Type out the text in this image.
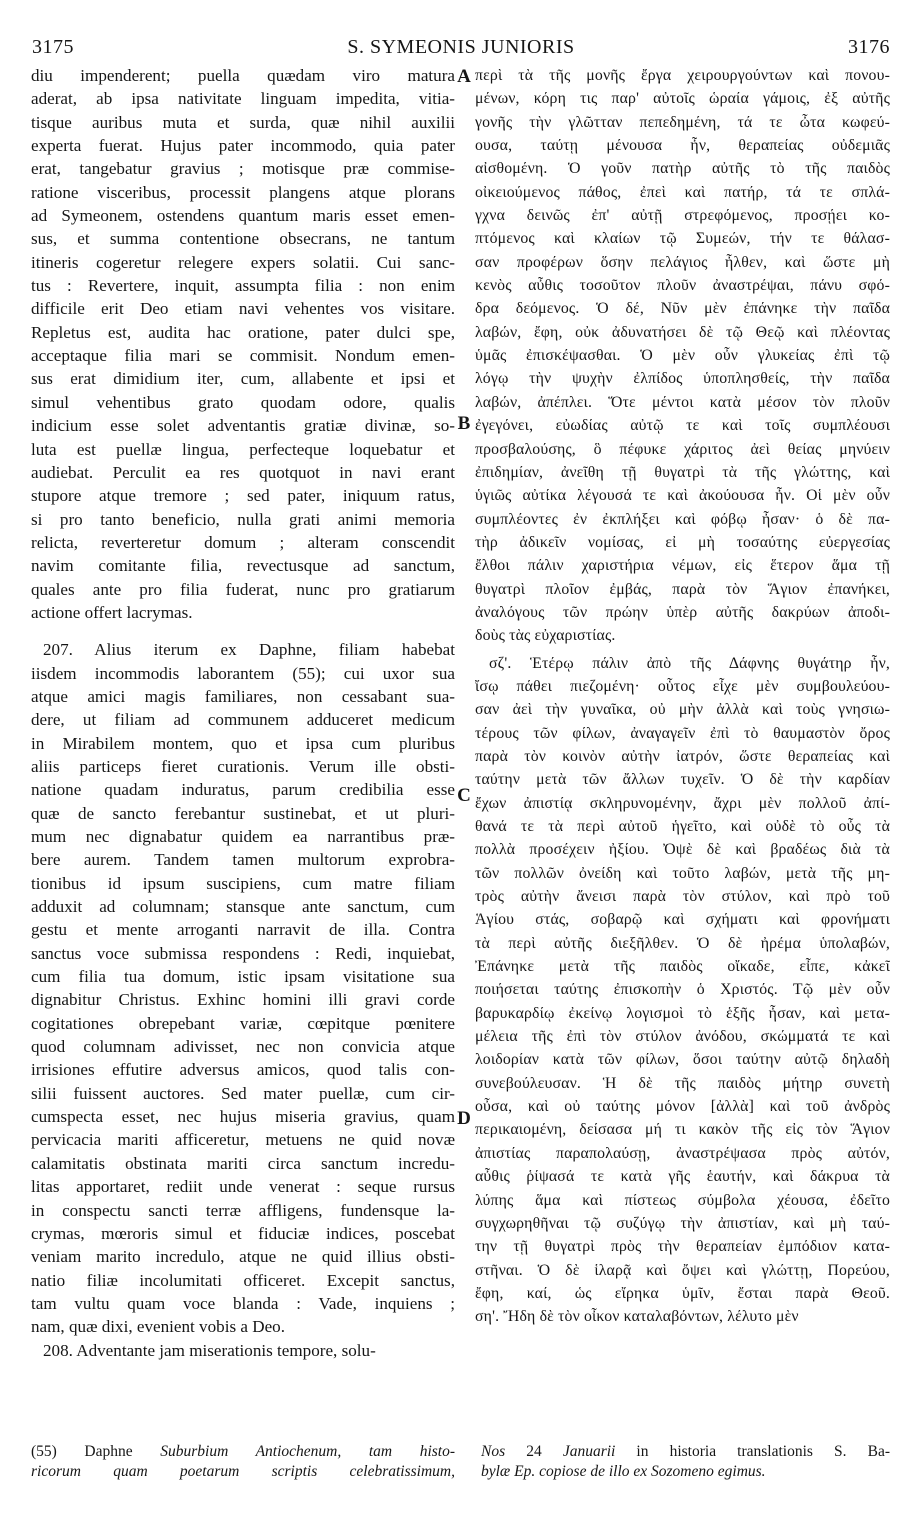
3175	S. SYMEONIS JUNIORIS	3176
diu impenderent; puella quædam viro matura
aderat, ab ipsa nativitate linguam impedita, vitia-
tisque auribus muta et surda, quæ nihil auxilii
experta fuerat. Hujus pater incommodo, quia pater
erat, tangebatur gravius ; motisque præ commise-
ratione visceribus, processit plangens atque plorans
ad Symeonem, ostendens quantum maris esset emen-
sus, et summa contentione obsecrans, ne tantum
itineris cogeretur relegere expers solatii. Cui sanc-
tus : Revertere, inquit, assumpta filia : non enim
difficile erit Deo etiam navi vehentes vos visitare.
Repletus est, audita hac oratione, pater dulci spe,
acceptaque filia mari se commisit. Nondum emen-
sus erat dimidium iter, cum, allabente et ipsi et
simul vehentibus grato quodam odore, qualis
indicium esse solet adventantis gratiæ divinæ, so-
luta est puellæ lingua, perfecteque loquebatur et
audiebat. Perculit ea res quotquot in navi erant
stupore atque tremore ; sed pater, iniquum ratus,
si pro tanto beneficio, nulla grati animi memoria
relicta, reverteretur domum ; alteram conscendit
navim comitante filia, revectusque ad sanctum,
quales ante pro filia fuderat, nunc pro gratiarum
actione offert lacrymas.
207. Alius iterum ex Daphne, filiam habebat
iisdem incommodis laborantem (55); cui uxor sua
atque amici magis familiares, non cessabant sua-
dere, ut filiam ad communem adduceret medicum
in Mirabilem montem, quo et ipsa cum pluribus
aliis particeps fieret curationis. Verum ille obsti-
natione quadam induratus, parum credibilia esse
quæ de sancto ferebantur sustinebat, et ut pluri-
mum nec dignabatur quidem ea narrantibus præ-
bere aurem. Tandem tamen multorum exprobra-
tionibus id ipsum suscipiens, cum matre filiam
adduxit ad columnam; stansque ante sanctum, cum
gestu et mente arroganti narravit de illa. Contra
sanctus voce submissa respondens : Redi, inquiebat,
cum filia tua domum, istic ipsam visitatione sua
dignabitur Christus. Exhinc homini illi gravi corde
cogitationes obrepebant variæ, cœpitque pœnitere
quod columnam adivisset, nec non convicia atque
irrisiones effutire adversus amicos, quod talis con-
silii fuissent auctores. Sed mater puellæ, cum cir-
cumspecta esset, nec hujus miseria gravius, quam
pervicacia mariti afficeretur, metuens ne quid novæ
calamitatis obstinata mariti circa sanctum incredu-
litas apportaret, rediit unde venerat : seque rursus
in conspectu sancti terræ affligens, fundensque la-
crymas, mœroris simul et fiduciæ indices, poscebat
veniam marito incredulo, atque ne quid illius obsti-
natio filiæ incolumitati officeret. Excepit sanctus,
tam vultu quam voce blanda : Vade, inquiens ;
nam, quæ dixi, evenient vobis a Deo.
208. Adventante jam miserationis tempore, solu-
περὶ τὰ τῆς μονῆς ἔργα χειρουργούντων καὶ πονου-
μένων, κόρη τις παρ' αὐτοῖς ὡραία γάμοις, ἐξ αὐτῆς
γονῆς τὴν γλῶτταν πεπεδημένη, τά τε ὦτα κωφεύ-
ουσα, ταύτῃ μένουσα ἦν, θεραπείας οὐδεμιᾶς
αἰσθομένη. Ὁ γοῦν πατὴρ αὐτῆς τὸ τῆς παιδὸς
οἰκειούμενος πάθος, ἐπεὶ καὶ πατήρ, τά τε σπλά-
γχνα δεινῶς ἐπ' αὐτῇ στρεφόμενος, προσῄει κο-
πτόμενος καὶ κλαίων τῷ Συμεών, τήν τε θάλασ-
σαν προφέρων ὅσην πελάγιος ἦλθεν, καὶ ὥστε μὴ
κενὸς αὖθις τοσοῦτον πλοῦν ἀναστρέψαι, πάνυ σφό-
δρα δεόμενος. Ὁ δέ, Νῦν μὲν ἐπάνηκε τὴν παῖδα
λαβών, ἔφη, οὐκ ἀδυνατήσει δὲ τῷ Θεῷ καὶ πλέοντας
ὑμᾶς ἐπισκέψασθαι. Ὁ μὲν οὖν γλυκείας ἐπὶ τῷ
λόγῳ τὴν ψυχὴν ἐλπίδος ὑποπλησθείς, τὴν παῖδα
λαβών, ἀπέπλει. Ὅτε μέντοι κατὰ μέσον τὸν πλοῦν
ἐγεγόνει, εὐωδίας αὐτῷ τε καὶ τοῖς συμπλέουσι
προσβαλούσης, ὃ πέφυκε χάριτος ἀεὶ θείας μηνύειν
ἐπιδημίαν, ἀνεῖθη τῇ θυγατρὶ τὰ τῆς γλώττης, καὶ
ὑγιῶς αὐτίκα λέγουσά τε καὶ ἀκούουσα ἦν. Οἱ μὲν οὖν
συμπλέοντες ἐν ἐκπλήξει καὶ φόβῳ ἦσαν· ὁ δὲ πα-
τὴρ ἀδικεῖν νομίσας, εἰ μὴ τοσαύτης εὐεργεσίας
ἔλθοι πάλιν χαριστήρια νέμων, εἰς ἕτερον ἅμα τῇ
θυγατρὶ πλοῖον ἐμβάς, παρὰ τὸν Ἅγιον ἐπανήκει,
ἀναλόγους τῶν πρώην ὑπὲρ αὐτῆς δακρύων ἀποδι-
δοὺς τὰς εὐχαριστίας.
σζ'. Ἑτέρῳ πάλιν ἀπὸ τῆς Δάφνης θυγάτηρ ἦν,
ἴσῳ πάθει πιεζομένη· οὗτος εἶχε μὲν συμβουλεύου-
σαν ἀεὶ τὴν γυναῖκα, οὐ μὴν ἀλλὰ καὶ τοὺς γνησιω-
τέρους τῶν φίλων, ἀναγαγεῖν ἐπὶ τὸ θαυμαστὸν ὄρος
παρὰ τὸν κοινὸν αὐτὴν ἰατρόν, ὥστε θεραπείας καὶ
ταύτην μετὰ τῶν ἄλλων τυχεῖν. Ὁ δὲ τὴν καρδίαν
ἔχων ἀπιστίᾳ σκληρυνομένην, ἄχρι μὲν πολλοῦ ἀπί-
θανά τε τὰ περὶ αὐτοῦ ἡγεῖτο, καὶ οὐδὲ τὸ οὖς τὰ
πολλὰ προσέχειν ἠξίου. Ὀψὲ δὲ καὶ βραδέως διὰ τὰ
τῶν πολλῶν ὀνείδη καὶ τοῦτο λαβών, μετὰ τῆς μη-
τρὸς αὐτὴν ἄνεισι παρὰ τὸν στύλον, καὶ πρὸ τοῦ
Ἁγίου στάς, σοβαρῷ καὶ σχήματι καὶ φρονήματι
τὰ περὶ αὐτῆς διεξῆλθεν. Ὁ δὲ ἠρέμα ὑπολαβών,
Ἐπάνηκε μετὰ τῆς παιδὸς οἴκαδε, εἶπε, κἀκεῖ
ποιήσεται ταύτης ἐπισκοπὴν ὁ Χριστός. Τῷ μὲν οὖν
βαρυκαρδίῳ ἐκείνῳ λογισμοὶ τὸ ἑξῆς ἦσαν, καὶ μετα-
μέλεια τῆς ἐπὶ τὸν στύλον ἀνόδου, σκώμματά τε καὶ
λοιδορίαν κατὰ τῶν φίλων, ὅσοι ταύτην αὐτῷ δηλαδὴ
συνεβούλευσαν. Ἡ δὲ τῆς παιδὸς μήτηρ συνετὴ
οὖσα, καὶ οὐ ταύτης μόνον [ἀλλὰ] καὶ τοῦ ἀνδρὸς
περικαιομένη, δείσασα μή τι κακὸν τῆς εἰς τὸν Ἅγιον
ἀπιστίας παραπολαύσῃ, ἀναστρέψασα πρὸς αὐτόν,
αὖθις ῥίψασά τε κατὰ γῆς ἑαυτήν, καὶ δάκρυα τὰ
λύπης ἅμα καὶ πίστεως σύμβολα χέουσα, ἐδεῖτο
συγχωρηθῆναι τῷ συζύγῳ τὴν ἀπιστίαν, καὶ μὴ ταύ-
την τῇ θυγατρὶ πρὸς τὴν θεραπείαν ἐμπόδιον κατα-
στῆναι. Ὁ δὲ ἱλαρᾷ καὶ ὄψει καὶ γλώττῃ, Πορεύου,
ἔφη, καί, ὡς εἴρηκα ὑμῖν, ἔσται παρὰ Θεοῦ.
ση'. Ἤδη δὲ τὸν οἶκον καταλαβόντων, λέλυτο μὲν
A
B
C
D
(55) Daphne Suburbium Antiochenum, tam histo-
ricorum quam poetarum scriptis celebratissimum,
Nos 24 Januarii in historia translationis S. Ba-
bylæ Ep. copiose de illo ex Sozomeno egimus.
